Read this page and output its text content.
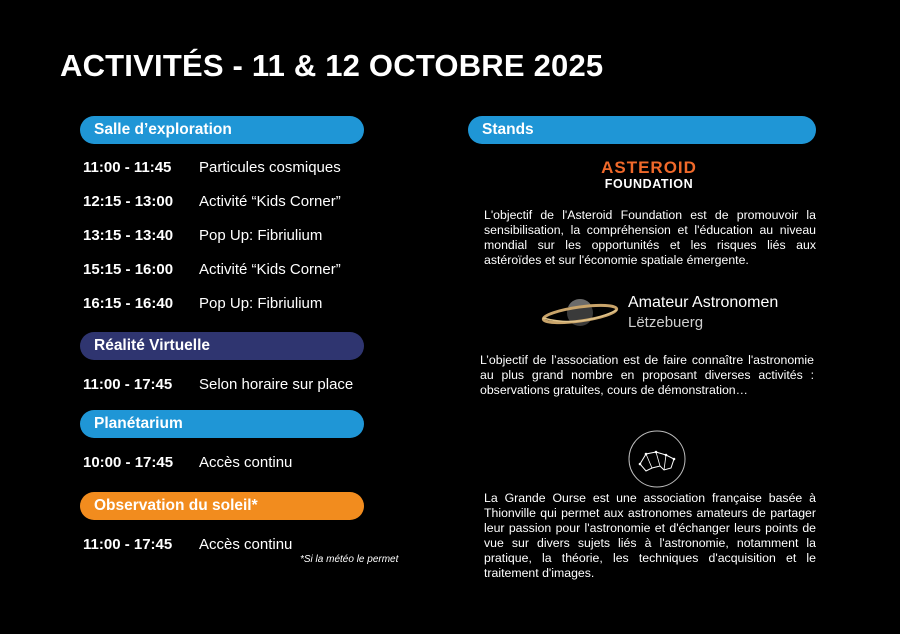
ACTIVITÉS - 11 & 12 OCTOBRE 2025
Salle d’exploration
11:00 - 11:45 Particules cosmiques
12:15 - 13:00 Activité “Kids Corner”
13:15 - 13:40 Pop Up: Fibriulium
15:15 - 16:00 Activité “Kids Corner”
16:15 - 16:40 Pop Up: Fibriulium
Réalité Virtuelle
11:00 - 17:45 Selon horaire sur place
Planétarium
10:00 - 17:45 Accès continu
Observation du soleil*
11:00 - 17:45 Accès continu
*Si la météo le permet
Stands
ASTEROID
FOUNDATION
L'objectif de l'Asteroid Foundation est de promouvoir la sensibilisation, la compréhension et l'éducation au niveau mondial sur les opportunités et les risques liés aux astéroïdes et sur l'économie spatiale émergente.
Amateur Astronomen
Lëtzebuerg
L’objectif de l’association est de faire connaître l'astronomie au plus grand nombre en proposant diverses activités : observations gratuites, cours de démonstration…
La Grande Ourse est une association française basée à Thionville qui permet aux astronomes amateurs de partager leur passion pour l'astronomie et d'échanger leurs points de vue sur divers sujets liés à l'astronomie, notamment la pratique, la théorie, les techniques d'acquisition et le traitement d'images.
